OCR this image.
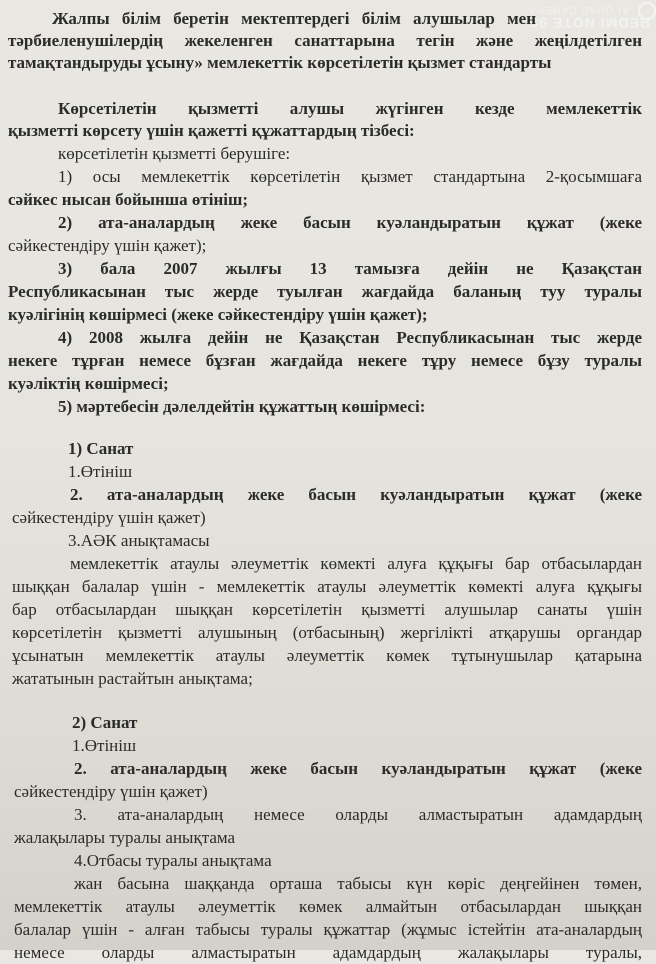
REDMI NOTE 9S
AI QUAD CAMERA
Жалпы білім беретін мектептердегі білім алушылар мен
тәрбиеленушілердің жекеленген санаттарына тегін және жеңілдетілген
тамақтандыруды ұсыну» мемлекеттік көрсетілетін қызмет стандарты
Көрсетілетін қызметті алушы жүгінген кезде мемлекеттік
қызметті көрсету үшін қажетті құжаттардың тізбесі:
көрсетілетін қызметті берушіге:
1) осы мемлекеттік көрсетілетін қызмет стандартына 2-қосымшаға
сәйкес нысан бойынша өтініш;
2) ата-аналардың жеке басын куәландыратын құжат (жеке
сәйкестендіру үшін қажет);
3) бала 2007 жылғы 13 тамызға дейін не Қазақстан
Республикасынан тыс жерде туылған жағдайда баланың туу туралы
куәлігінің көшірмесі (жеке сәйкестендіру үшін қажет);
4) 2008 жылға дейін не Қазақстан Республикасынан тыс жерде
некеге тұрған немесе бұзған жағдайда некеге тұру немесе бұзу туралы
куәліктің көшірмесі;
5) мәртебесін дәлелдейтін құжаттың көшірмесі:
1) Санат
1.Өтініш
2. ата-аналардың жеке басын куәландыратын құжат (жеке
сәйкестендіру үшін қажет)
3.АӘК анықтамасы
мемлекеттік атаулы әлеуметтік көмекті алуға құқығы бар отбасылардан
шыққан балалар үшін - мемлекеттік атаулы әлеуметтік көмекті алуға құқығы
бар отбасылардан шыққан көрсетілетін қызметті алушылар санаты үшін
көрсетілетін қызметті алушының (отбасының) жергілікті атқарушы органдар
ұсынатын мемлекеттік атаулы әлеуметтік көмек тұтынушылар қатарына
жататынын растайтын анықтама;
2) Санат
1.Өтініш
2. ата-аналардың жеке басын куәландыратын құжат (жеке
сәйкестендіру үшін қажет)
3. ата-аналардың немесе оларды алмастыратын адамдардың
жалақылары туралы анықтама
4.Отбасы туралы анықтама
жан басына шаққанда орташа табысы күн көріс деңгейінен төмен,
мемлекеттік атаулы әлеуметтік көмек алмайтын отбасылардан шыққан
балалар үшін - алған табысы туралы құжаттар (жұмыс істейтін ата-аналардың
немесе оларды алмастыратын адамдардың жалақылары туралы,
